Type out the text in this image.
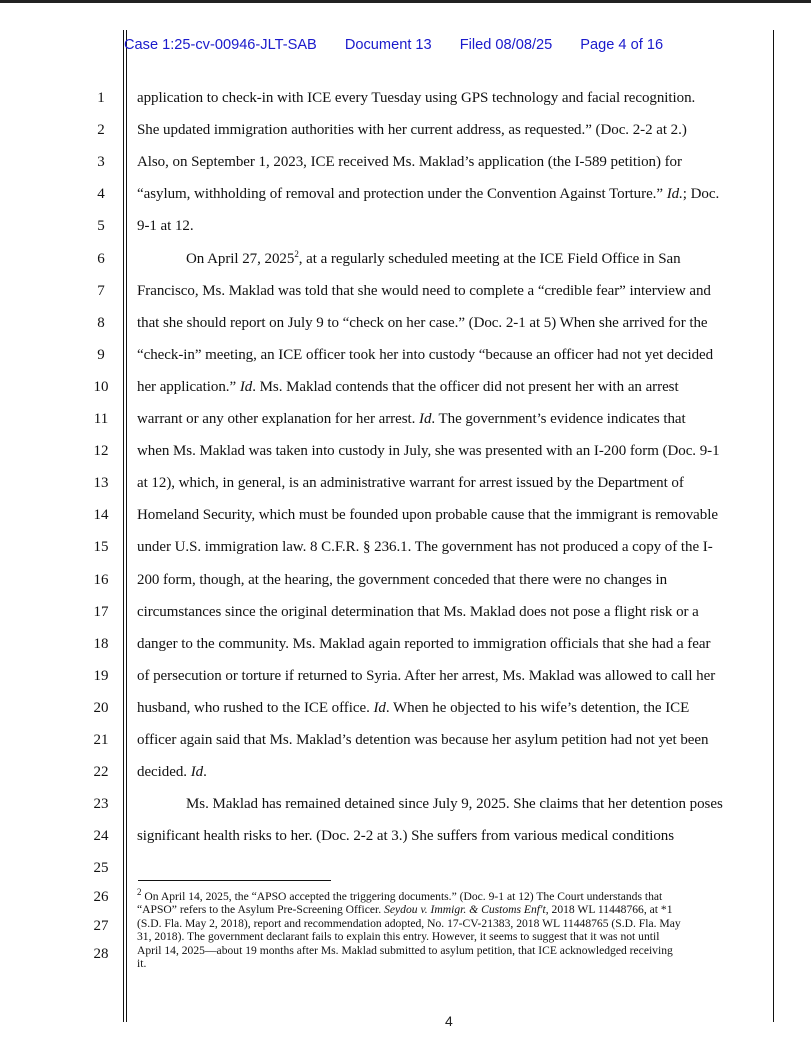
Case 1:25-cv-00946-JLT-SAB Document 13 Filed 08/08/25 Page 4 of 16
1
2
3
4
5
6
7
8
9
10
11
12
13
14
15
16
17
18
19
20
21
22
23
24
25
26
27
28
application to check-in with ICE every Tuesday using GPS technology and facial recognition.
She updated immigration authorities with her current address, as requested.” (Doc. 2-2 at 2.)
Also, on September 1, 2023, ICE received Ms. Maklad’s application (the I-589 petition) for
“asylum, withholding of removal and protection under the Convention Against Torture.” Id.; Doc.
9-1 at 12.
On April 27, 2025$^2$, at a regularly scheduled meeting at the ICE Field Office in San
Francisco, Ms. Maklad was told that she would need to complete a “credible fear” interview and
that she should report on July 9 to “check on her case.” (Doc. 2-1 at 5) When she arrived for the
“check-in” meeting, an ICE officer took her into custody “because an officer had not yet decided
her application.” Id. Ms. Maklad contends that the officer did not present her with an arrest
warrant or any other explanation for her arrest. Id. The government’s evidence indicates that
when Ms. Maklad was taken into custody in July, she was presented with an I-200 form (Doc. 9-1
at 12), which, in general, is an administrative warrant for arrest issued by the Department of
Homeland Security, which must be founded upon probable cause that the immigrant is removable
under U.S. immigration law. 8 C.F.R. § 236.1. The government has not produced a copy of the I-
200 form, though, at the hearing, the government conceded that there were no changes in
circumstances since the original determination that Ms. Maklad does not pose a flight risk or a
danger to the community. Ms. Maklad again reported to immigration officials that she had a fear
of persecution or torture if returned to Syria. After her arrest, Ms. Maklad was allowed to call her
husband, who rushed to the ICE office. Id. When he objected to his wife’s detention, the ICE
officer again said that Ms. Maklad’s detention was because her asylum petition had not yet been
decided. Id.
Ms. Maklad has remained detained since July 9, 2025. She claims that her detention poses
significant health risks to her. (Doc. 2-2 at 3.) She suffers from various medical conditions
$^2$ On April 14, 2025, the “APSO accepted the triggering documents.” (Doc. 9-1 at 12) The Court understands that
“APSO” refers to the Asylum Pre-Screening Officer. Seydou v. Immigr. & Customs Enf't, 2018 WL 11448766, at *1
(S.D. Fla. May 2, 2018), report and recommendation adopted, No. 17-CV-21383, 2018 WL 11448765 (S.D. Fla. May
31, 2018). The government declarant fails to explain this entry. However, it seems to suggest that it was not until
April 14, 2025—about 19 months after Ms. Maklad submitted to asylum petition, that ICE acknowledged receiving
it.
4
